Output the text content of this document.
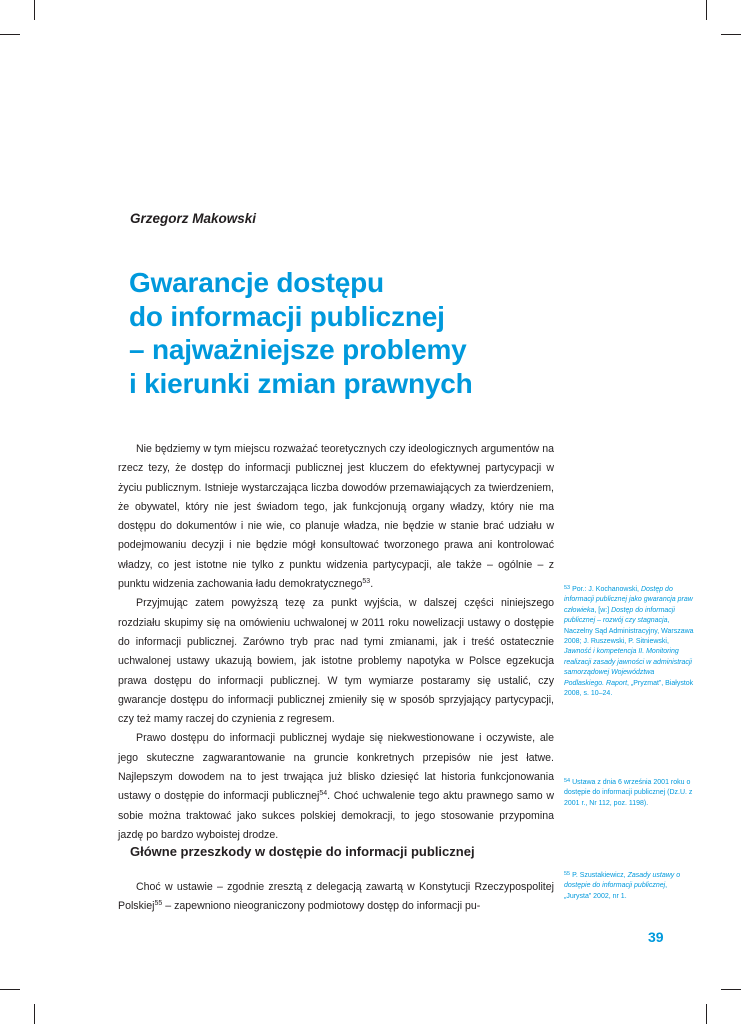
Grzegorz Makowski
Gwarancje dostępu
do informacji publicznej
– najważniejsze problemy
i kierunki zmian prawnych

Nie będziemy w tym miejscu rozważać teoretycznych czy ideologicznych argumentów na rzecz tezy, że dostęp do informacji publicznej jest kluczem do efektywnej partycypacji w życiu publicznym. Istnieje wystarczająca liczba dowodów przemawiających za twierdzeniem, że obywatel, który nie jest świadom tego, jak funkcjonują organy władzy, który nie ma dostępu do dokumentów i nie wie, co planuje władza, nie będzie w stanie brać udziału w podejmowaniu decyzji i nie będzie mógł konsultować tworzonego prawa ani kontrolować władzy, co jest istotne nie tylko z punktu widzenia partycypacji, ale także – ogólnie – z punktu widzenia zachowania ładu demokratycznego$^{53}$.

Przyjmując zatem powyższą tezę za punkt wyjścia, w dalszej części niniejszego rozdziału skupimy się na omówieniu uchwalonej w 2011 roku nowelizacji ustawy o dostępie do informacji publicznej. Zarówno tryb prac nad tymi zmianami, jak i treść ostatecznie uchwalonej ustawy ukazują bowiem, jak istotne problemy napotyka w Polsce egzekucja prawa dostępu do informacji publicznej. W tym wymiarze postaramy się ustalić, czy gwarancje dostępu do informacji publicznej zmieniły się w sposób sprzyjający partycypacji, czy też mamy raczej do czynienia z regresem.

Prawo dostępu do informacji publicznej wydaje się niekwestionowane i oczywiste, ale jego skuteczne zagwarantowanie na gruncie konkretnych przepisów nie jest łatwe. Najlepszym dowodem na to jest trwająca już blisko dziesięć lat historia funkcjonowania ustawy o dostępie do informacji publicznej$^{54}$. Choć uchwalenie tego aktu prawnego samo w sobie można traktować jako sukces polskiej demokracji, to jego stosowanie przypomina jazdę po bardzo wyboistej drodze.

Główne przeszkody w dostępie do informacji publicznej

Choć w ustawie – zgodnie zresztą z delegacją zawartą w Konstytucji Rzeczypospolitej Polskiej$^{55}$ – zapewniono nieograniczony podmiotowy dostęp do informacji pu-

$^{53}$ Por.: J. Kochanowski, Dostęp do informacji publicznej jako gwarancja praw człowieka, [w:] Dostęp do informacji publicznej – rozwój czy stagnacja, Naczelny Sąd Administracyjny, Warszawa 2008; J. Ruszewski, P. Sitniewski, Jawność i kompetencja II. Monitoring realizacji zasady jawności w administracji samorządowej Województwa Podlaskiego. Raport, „Pryzmat”, Białystok 2008, s. 10–24.
$^{54}$ Ustawa z dnia 6 września 2001 roku o dostępie do informacji publicznej (Dz.U. z 2001 r., Nr 112, poz. 1198).
$^{55}$ P. Szustakiewicz, Zasady ustawy o dostępie do informacji publicznej, „Jurysta” 2002, nr 1.
39
